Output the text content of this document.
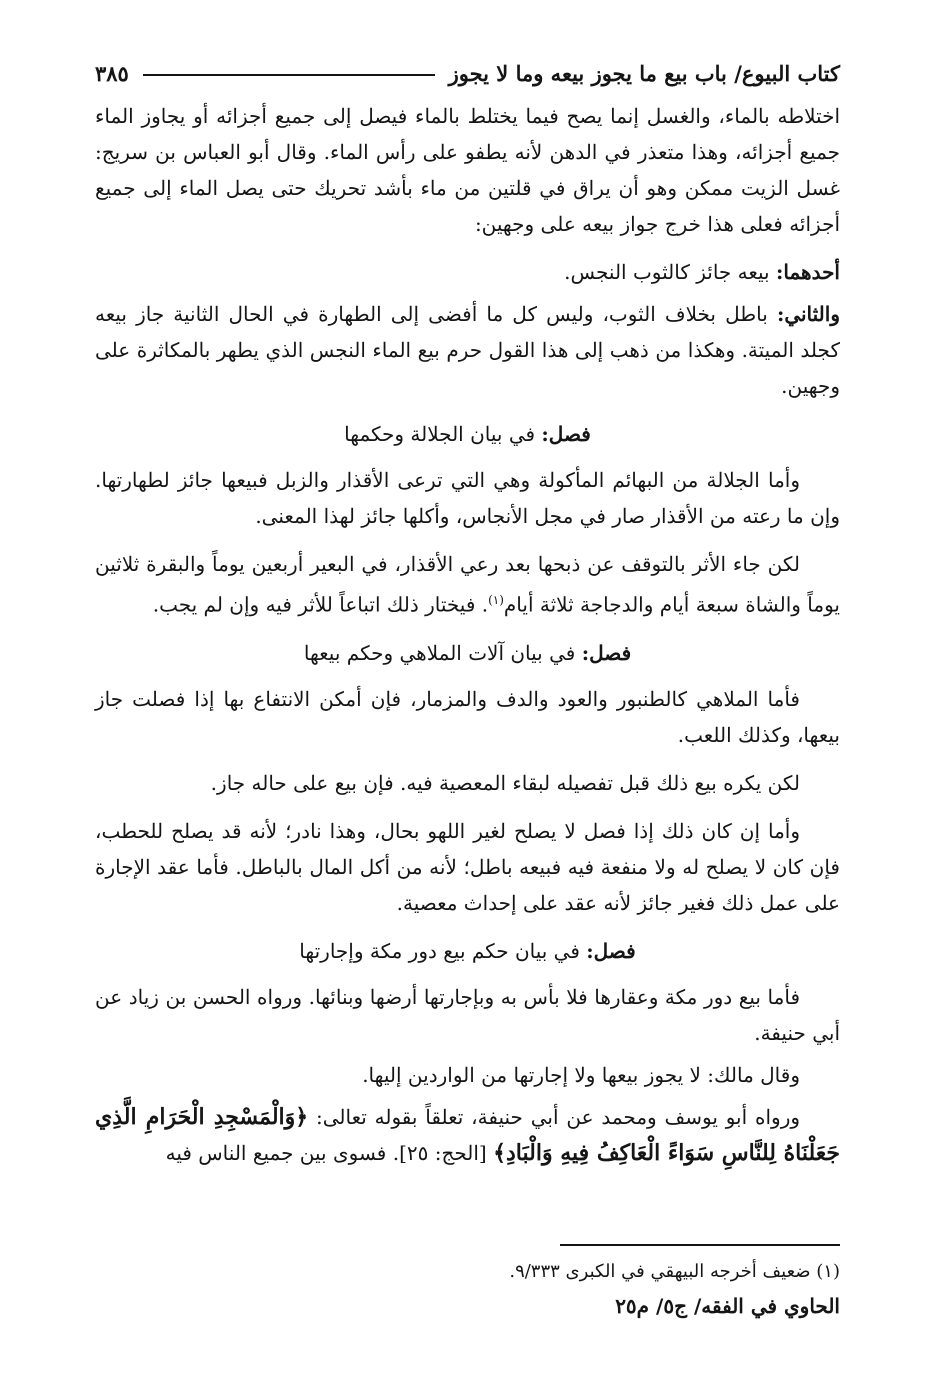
كتاب البيوع/ باب بيع ما يجوز بيعه وما لا يجوز
٣٨٥

اختلاطه بالماء، والغسل إنما يصح فيما يختلط بالماء فيصل إلى جميع أجزائه أو يجاوز الماء جميع أجزائه، وهذا متعذر في الدهن لأنه يطفو على رأس الماء. وقال أبو العباس بن سريج: غسل الزيت ممكن وهو أن يراق في قلتين من ماء بأشد تحريك حتى يصل الماء إلى جميع أجزائه فعلى هذا خرج جواز بيعه على وجهين:

أحدهما: بيعه جائز كالثوب النجس.

والثاني: باطل بخلاف الثوب، وليس كل ما أفضى إلى الطهارة في الحال الثانية جاز بيعه كجلد الميتة. وهكذا من ذهب إلى هذا القول حرم بيع الماء النجس الذي يطهر بالمكاثرة على وجهين.

فصل: في بيان الجلالة وحكمها

وأما الجلالة من البهائم المأكولة وهي التي ترعى الأقذار والزبل فبيعها جائز لطهارتها. وإن ما رعته من الأقذار صار في مجل الأنجاس، وأكلها جائز لهذا المعنى.

لكن جاء الأثر بالتوقف عن ذبحها بعد رعي الأقذار، في البعير أربعين يوماً والبقرة ثلاثين يوماً والشاة سبعة أيام والدجاجة ثلاثة أيام$^{(١)}$. فيختار ذلك اتباعاً للأثر فيه وإن لم يجب.

فصل: في بيان آلات الملاهي وحكم بيعها

فأما الملاهي كالطنبور والعود والدف والمزمار، فإن أمكن الانتفاع بها إذا فصلت جاز بيعها، وكذلك اللعب.

لكن يكره بيع ذلك قبل تفصيله لبقاء المعصية فيه. فإن بيع على حاله جاز.

وأما إن كان ذلك إذا فصل لا يصلح لغير اللهو بحال، وهذا نادر؛ لأنه قد يصلح للحطب، فإن كان لا يصلح له ولا منفعة فيه فبيعه باطل؛ لأنه من أكل المال بالباطل. فأما عقد الإجارة على عمل ذلك فغير جائز لأنه عقد على إحداث معصية.

فصل: في بيان حكم بيع دور مكة وإجارتها

فأما بيع دور مكة وعقارها فلا بأس به وبإجارتها أرضها وبنائها. ورواه الحسن بن زياد عن أبي حنيفة.

وقال مالك: لا يجوز بيعها ولا إجارتها من الواردين إليها.

ورواه أبو يوسف ومحمد عن أبي حنيفة، تعلقاً بقوله تعالى: ﴿وَالْمَسْجِدِ الْحَرَامِ الَّذِي جَعَلْنَاهُ لِلنَّاسِ سَوَاءً الْعَاكِفُ فِيهِ وَالْبَادِ﴾ [الحج: ٢٥]. فسوى بين جميع الناس فيه

(١) ضعيف أخرجه البيهقي في الكبرى ٩/٣٣٣.
الحاوي في الفقه/ ج٥/ م٢٥
